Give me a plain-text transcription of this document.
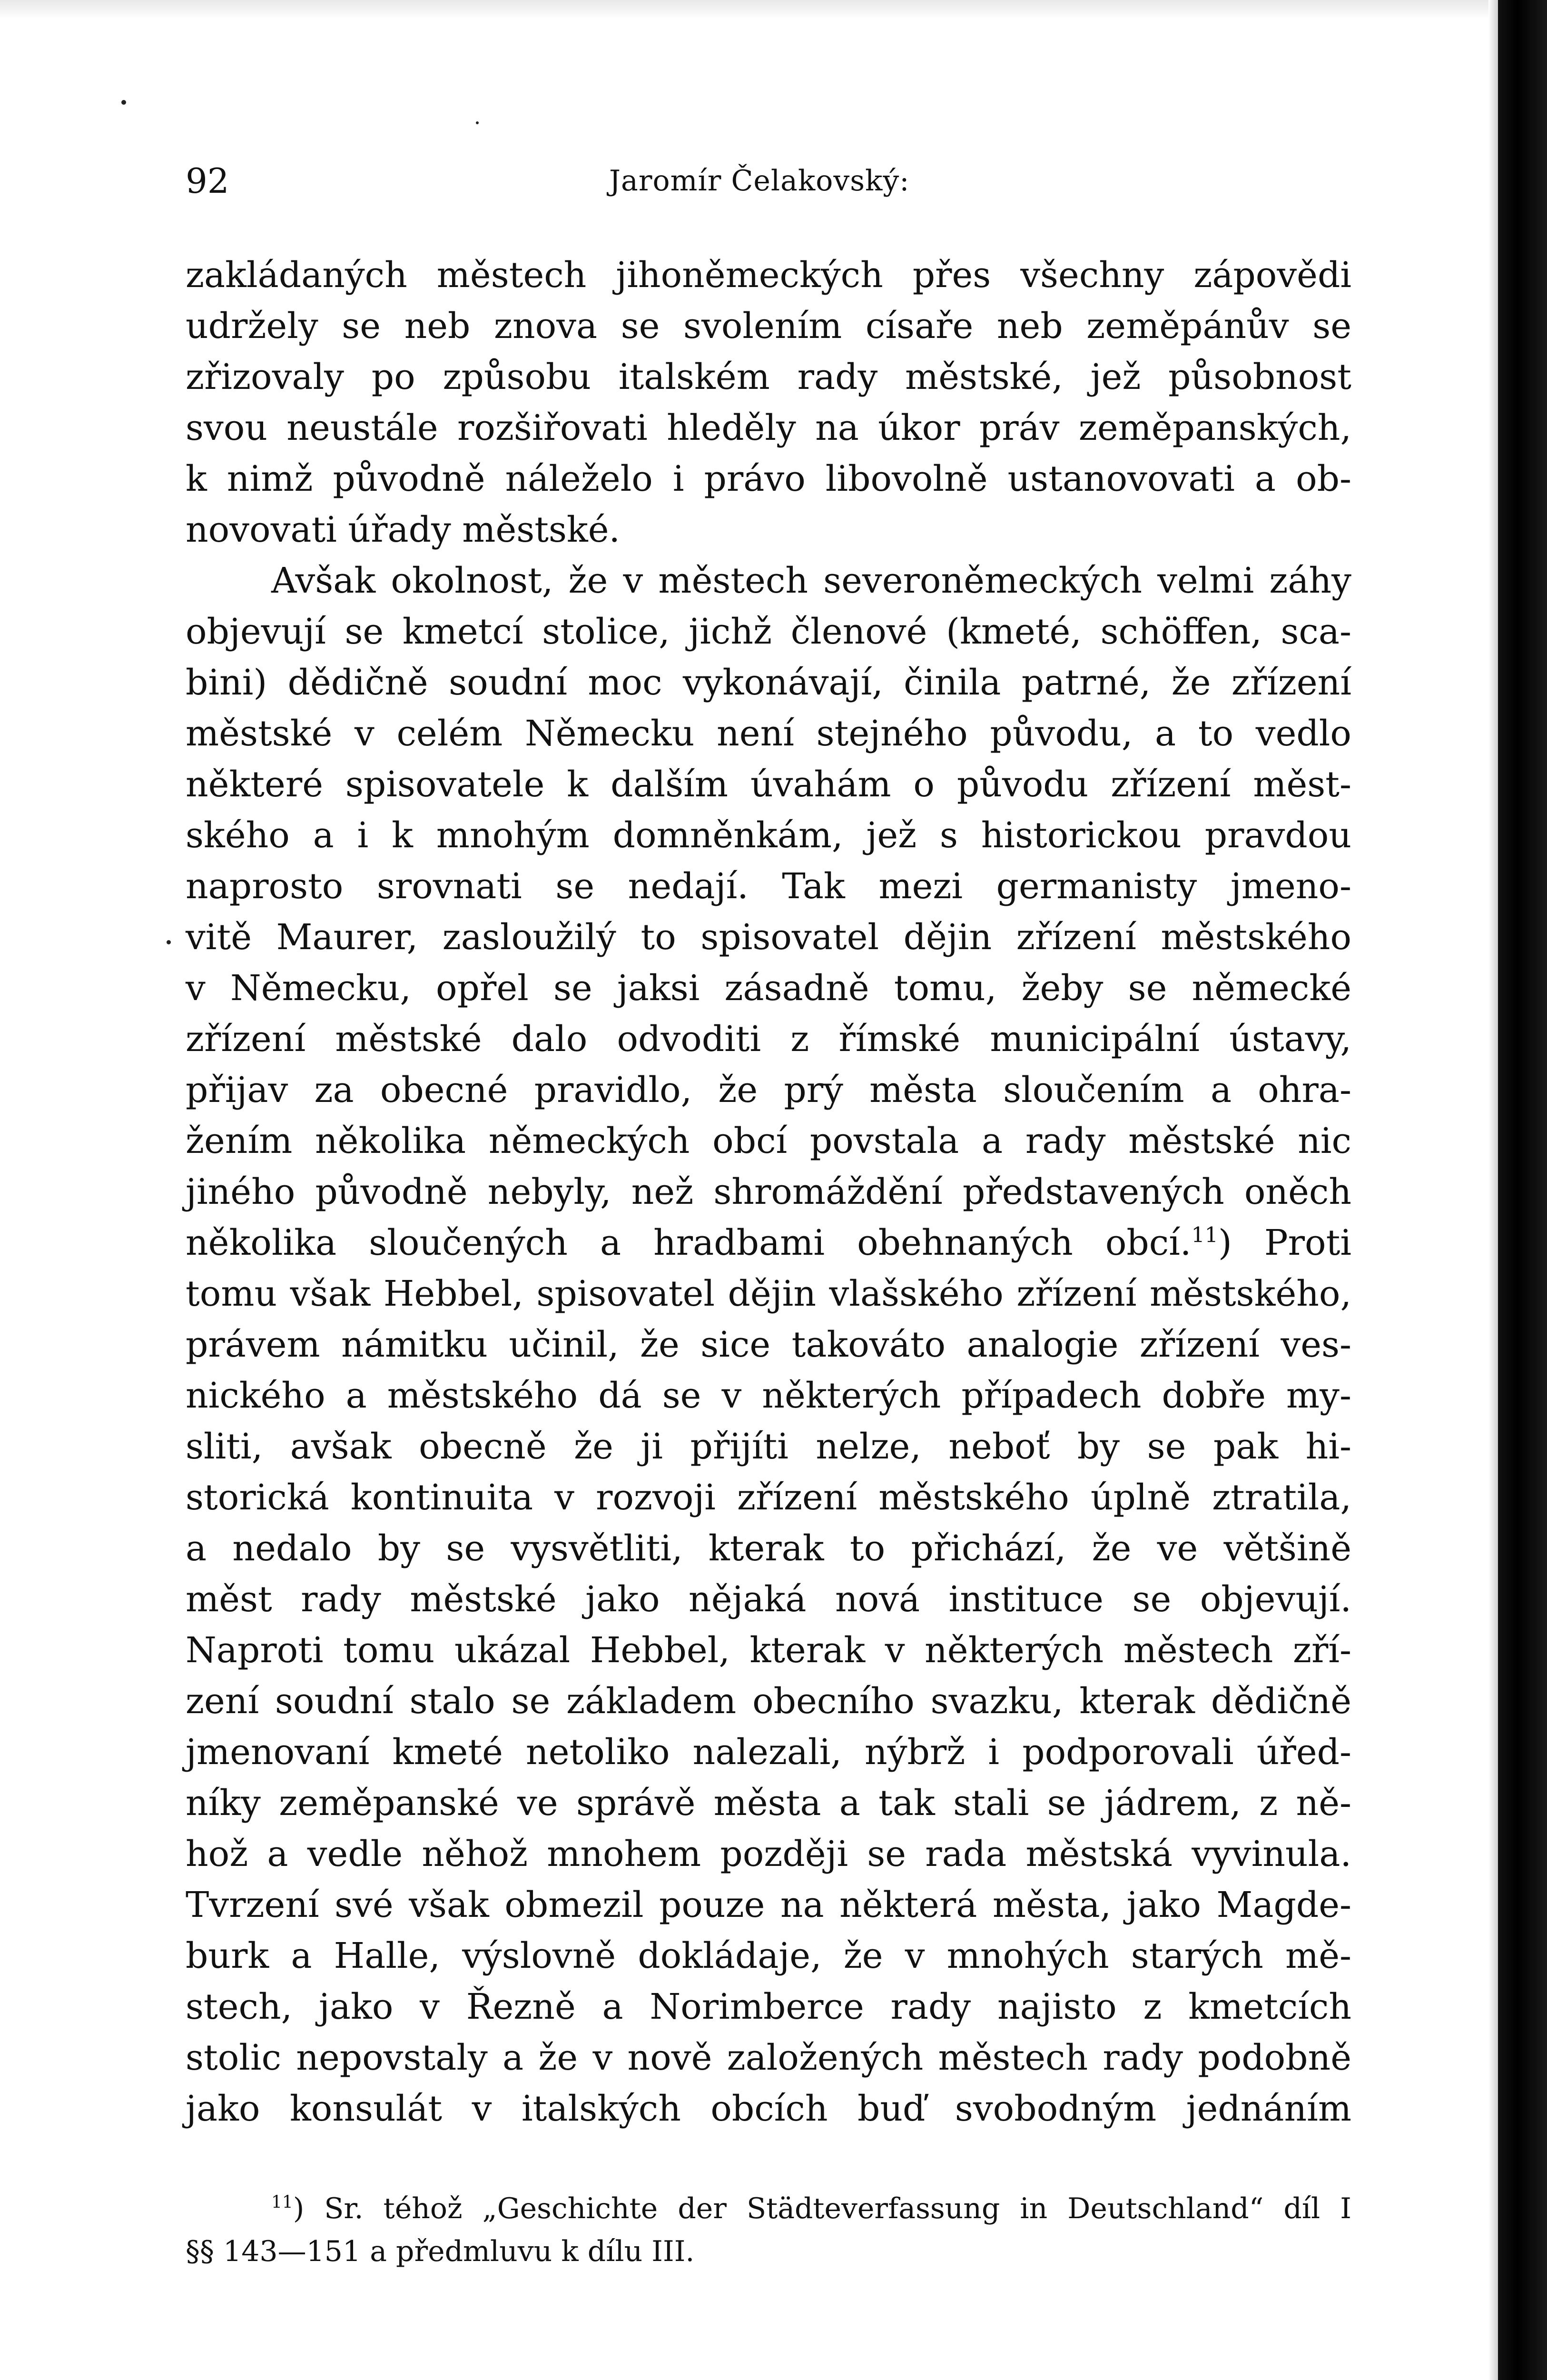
92	Jaromír Čelakovský:
zakládaných městech jihoněmeckých přes všechny zápovědi
udržely se neb znova se svolením císaře neb zeměpánův se
zřizovaly po způsobu italském rady městské, jež působnost
svou neustále rozšiřovati hleděly na úkor práv zeměpanských,
k nimž původně náleželo i právo libovolně ustanovovati a ob-
novovati úřady městské.
Avšak okolnost, že v městech severoněmeckých velmi záhy
objevují se kmetcí stolice, jichž členové (kmeté, schöffen, sca-
bini) dědičně soudní moc vykonávají, činila patrné, že zřízení
městské v celém Německu není stejného původu, a to vedlo
některé spisovatele k dalším úvahám o původu zřízení měst-
ského a i k mnohým domněnkám, jež s historickou pravdou
naprosto srovnati se nedají. Tak mezi germanisty jmeno-
vitě Maurer, zasloužilý to spisovatel dějin zřízení městského
v Německu, opřel se jaksi zásadně tomu, žeby se německé
zřízení městské dalo odvoditi z římské municipální ústavy,
přijav za obecné pravidlo, že prý města sloučením a ohra-
žením několika německých obcí povstala a rady městské nic
jiného původně nebyly, než shromáždění představených oněch
několika sloučených a hradbami obehnaných obcí.$^{11}$) Proti
tomu však Hebbel, spisovatel dějin vlašského zřízení městského,
právem námitku učinil, že sice takováto analogie zřízení ves-
nického a městského dá se v některých případech dobře my-
sliti, avšak obecně že ji přijíti nelze, neboť by se pak hi-
storická kontinuita v rozvoji zřízení městského úplně ztratila,
a nedalo by se vysvětliti, kterak to přichází, že ve většině
měst rady městské jako nějaká nová instituce se objevují.
Naproti tomu ukázal Hebbel, kterak v některých městech zří-
zení soudní stalo se základem obecního svazku, kterak dědičně
jmenovaní kmeté netoliko nalezali, nýbrž i podporovali úřed-
níky zeměpanské ve správě města a tak stali se jádrem, z ně-
hož a vedle něhož mnohem později se rada městská vyvinula.
Tvrzení své však obmezil pouze na některá města, jako Magde-
burk a Halle, výslovně dokládaje, že v mnohých starých mě-
stech, jako v Řezně a Norimberce rady najisto z kmetcích
stolic nepovstaly a že v nově založených městech rady podobně
jako konsulát v italských obcích buď svobodným jednáním
$^{11}$) Sr. téhož „Geschichte der Städteverfassung in Deutschland“ díl I
§§ 143—151 a předmluvu k dílu III.
